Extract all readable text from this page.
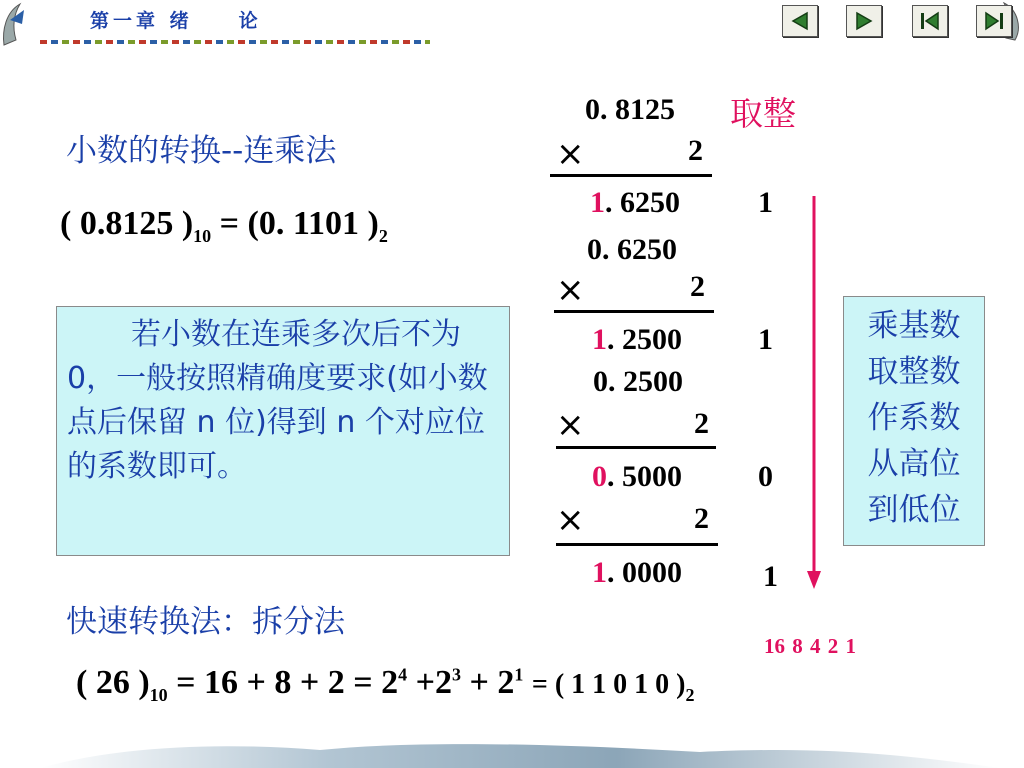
第一章 绪　　论
小数的转换--连乘法
( 0.8125 )$_{10} = (0$. 1101 )$_2$
若小数在连乘多次后不为 0，一般按照精确度要求(如小数点后保留 n 位)得到 n 个对应位的系数即可。
取整
0. 8125
×	2
1. 6250	1
0. 6250
×	2
1. 2500	1
0. 2500
×	2
0. 5000	0
×	2
1. 0000	1
乘基数
取整数
作系数
从高位
到低位
快速转换法：拆分法
16 8 4 2 1
( 26 )$_{10} = 16 + 8 + 2 = 2^4 +2^3 + 2^1$ = ( 1 1 0 1 0 )$_2$
